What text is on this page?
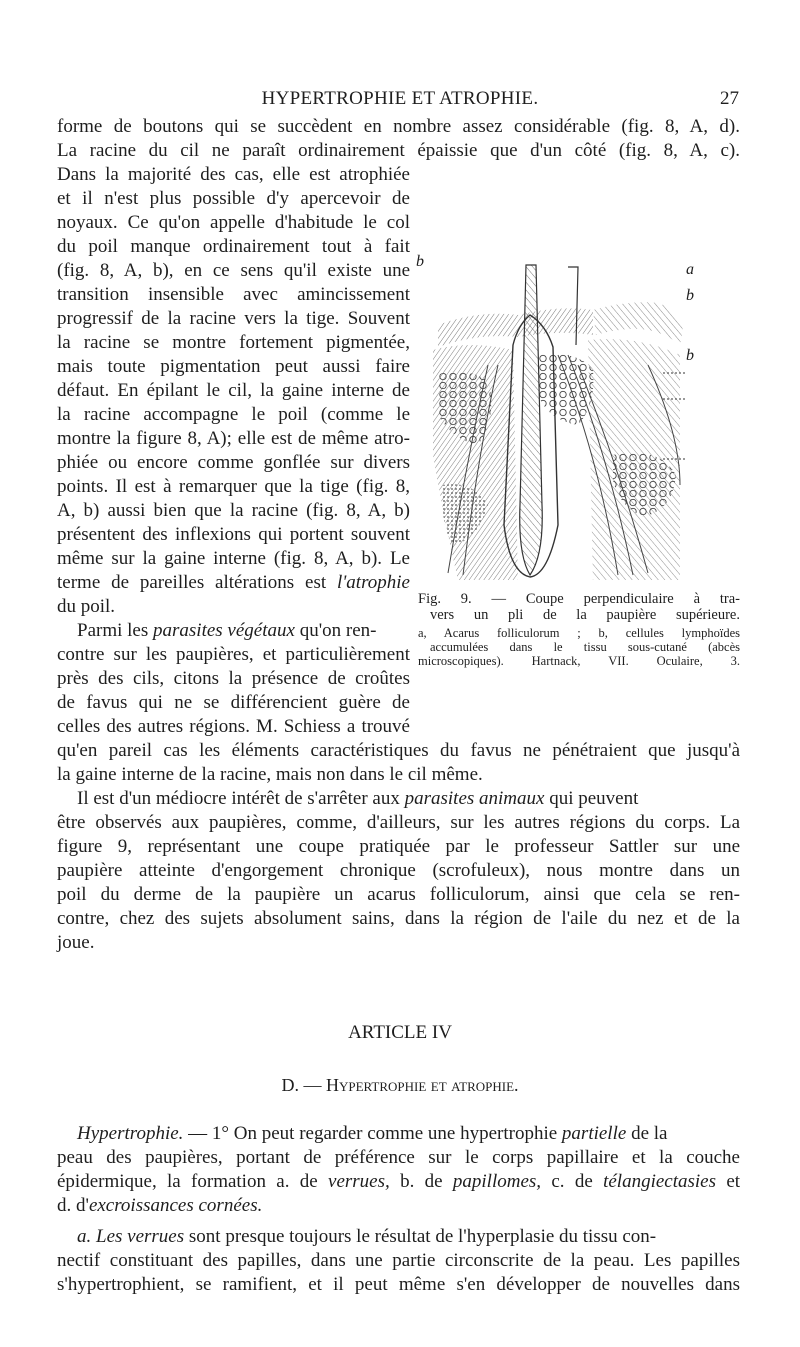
HYPERTROPHIE ET ATROPHIE.	27
forme de boutons qui se succèdent en nombre assez considérable (fig. 8, A, d).
La racine du cil ne paraît ordinairement épaissie que d'un côté (fig. 8, A, c).
Dans la majorité des cas, elle est atrophiée
et il n'est plus possible d'y apercevoir de
noyaux. Ce qu'on appelle d'habitude le col
du poil manque ordinairement tout à fait
(fig. 8, A, b), en ce sens qu'il existe une
transition insensible avec amincissement
progressif de la racine vers la tige. Souvent
la racine se montre fortement pigmentée,
mais toute pigmentation peut aussi faire
défaut. En épilant le cil, la gaine interne de
la racine accompagne le poil (comme le
montre la figure 8, A); elle est de même atro-
phiée ou encore comme gonflée sur divers
points. Il est à remarquer que la tige (fig. 8,
A, b) aussi bien que la racine (fig. 8, A, b)
présentent des inflexions qui portent souvent
même sur la gaine interne (fig. 8, A, b). Le
terme de pareilles altérations est l'atrophie
du poil.
Parmi les parasites végétaux qu'on ren-
contre sur les paupières, et particulièrement
près des cils, citons la présence de croûtes
de favus qui ne se différencient guère de
celles des autres régions. M. Schiess a trouvé
qu'en pareil cas les éléments caractéristiques du favus ne pénétraient que jusqu'à
la gaine interne de la racine, mais non dans le cil même.
Il est d'un médiocre intérêt de s'arrêter aux parasites animaux qui peuvent
être observés aux paupières, comme, d'ailleurs, sur les autres régions du corps. La
figure 9, représentant une coupe pratiquée par le professeur Sattler sur une
paupière atteinte d'engorgement chronique (scrofuleux), nous montre dans un
poil du derme de la paupière un acarus folliculorum, ainsi que cela se ren-
contre, chez des sujets absolument sains, dans la région de l'aile du nez et de la
joue.
b	a
b
b
Fig. 9. — Coupe perpendiculaire à tra-
vers un pli de la paupière supérieure.
a, Acarus folliculorum ; b, cellules lymphoïdes
accumulées dans le tissu sous-cutané (abcès
microscopiques). Hartnack, VII. Oculaire, 3.
ARTICLE IV
D. — Hypertrophie et atrophie.
Hypertrophie. — 1° On peut regarder comme une hypertrophie partielle de la
peau des paupières, portant de préférence sur le corps papillaire et la couche
épidermique, la formation a. de verrues, b. de papillomes, c. de télangiectasies et
d. d'excroissances cornées.
a. Les verrues sont presque toujours le résultat de l'hyperplasie du tissu con-
nectif constituant des papilles, dans une partie circonscrite de la peau. Les papilles
s'hypertrophient, se ramifient, et il peut même s'en développer de nouvelles dans
